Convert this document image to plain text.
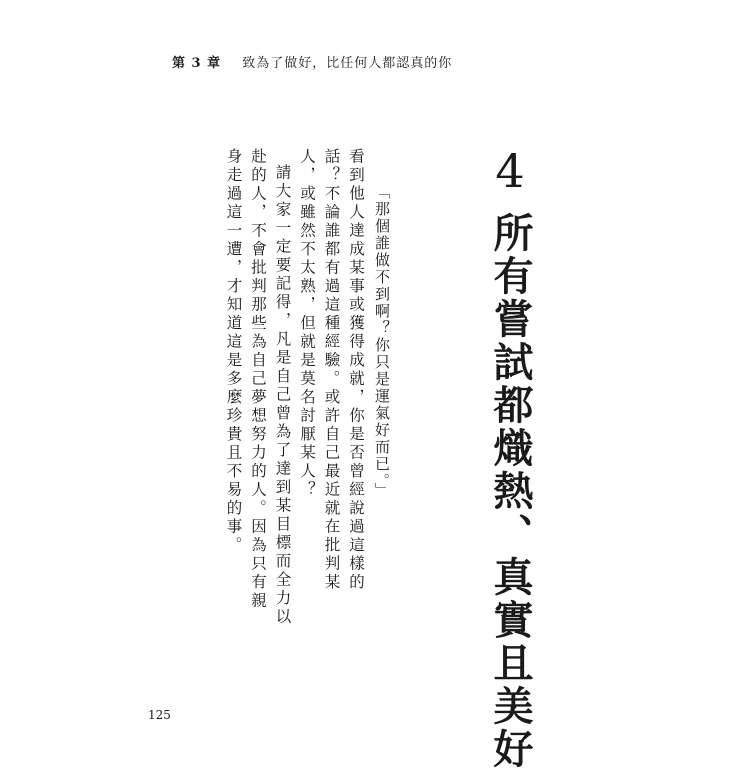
第 3 章 致為了做好，比任何人都認真的你
4
所有嘗試都熾熱、真實且美好
「那個誰做不到啊？你只是運氣好而已。」

看到他人達成某事或獲得成就，你是否曾經說過這樣的話？不論誰都有過這種經驗。或許自己最近就在批判某人，或雖然不太熟，但就是莫名討厭某人？

請大家一定要記得，凡是自己曾為了達到某目標而全力以赴的人，不會批判那些為自己夢想努力的人。因為只有親身走過這一遭，才知道這是多麼珍貴且不易的事。

125
